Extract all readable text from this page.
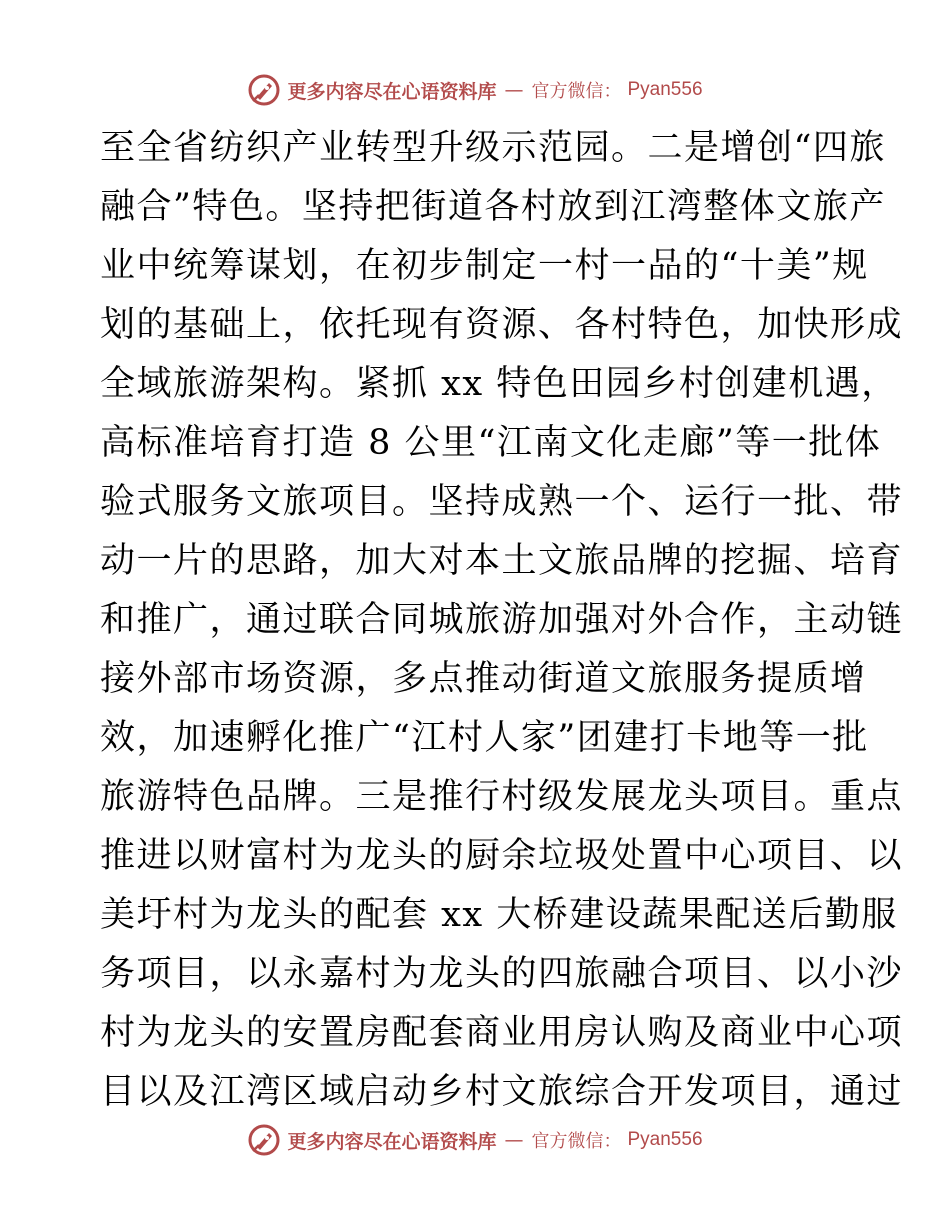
更多内容尽在心语资料库 — 官方微信： Pyan556
至全省纺织产业转型升级示范园。二是增创“四旅
融合”特色。坚持把街道各村放到江湾整体文旅产
业中统筹谋划，在初步制定一村一品的“十美”规
划的基础上，依托现有资源、各村特色，加快形成
全域旅游架构。紧抓 xx 特色田园乡村创建机遇，
高标准培育打造 8 公里“江南文化走廊”等一批体
验式服务文旅项目。坚持成熟一个、运行一批、带
动一片的思路，加大对本土文旅品牌的挖掘、培育
和推广，通过联合同城旅游加强对外合作，主动链
接外部市场资源，多点推动街道文旅服务提质增
效，加速孵化推广“江村人家”团建打卡地等一批
旅游特色品牌。三是推行村级发展龙头项目。重点
推进以财富村为龙头的厨余垃圾处置中心项目、以
美圩村为龙头的配套 xx 大桥建设蔬果配送后勤服
务项目，以永嘉村为龙头的四旅融合项目、以小沙
村为龙头的安置房配套商业用房认购及商业中心项
目以及江湾区域启动乡村文旅综合开发项目，通过
更多内容尽在心语资料库 — 官方微信： Pyan556
